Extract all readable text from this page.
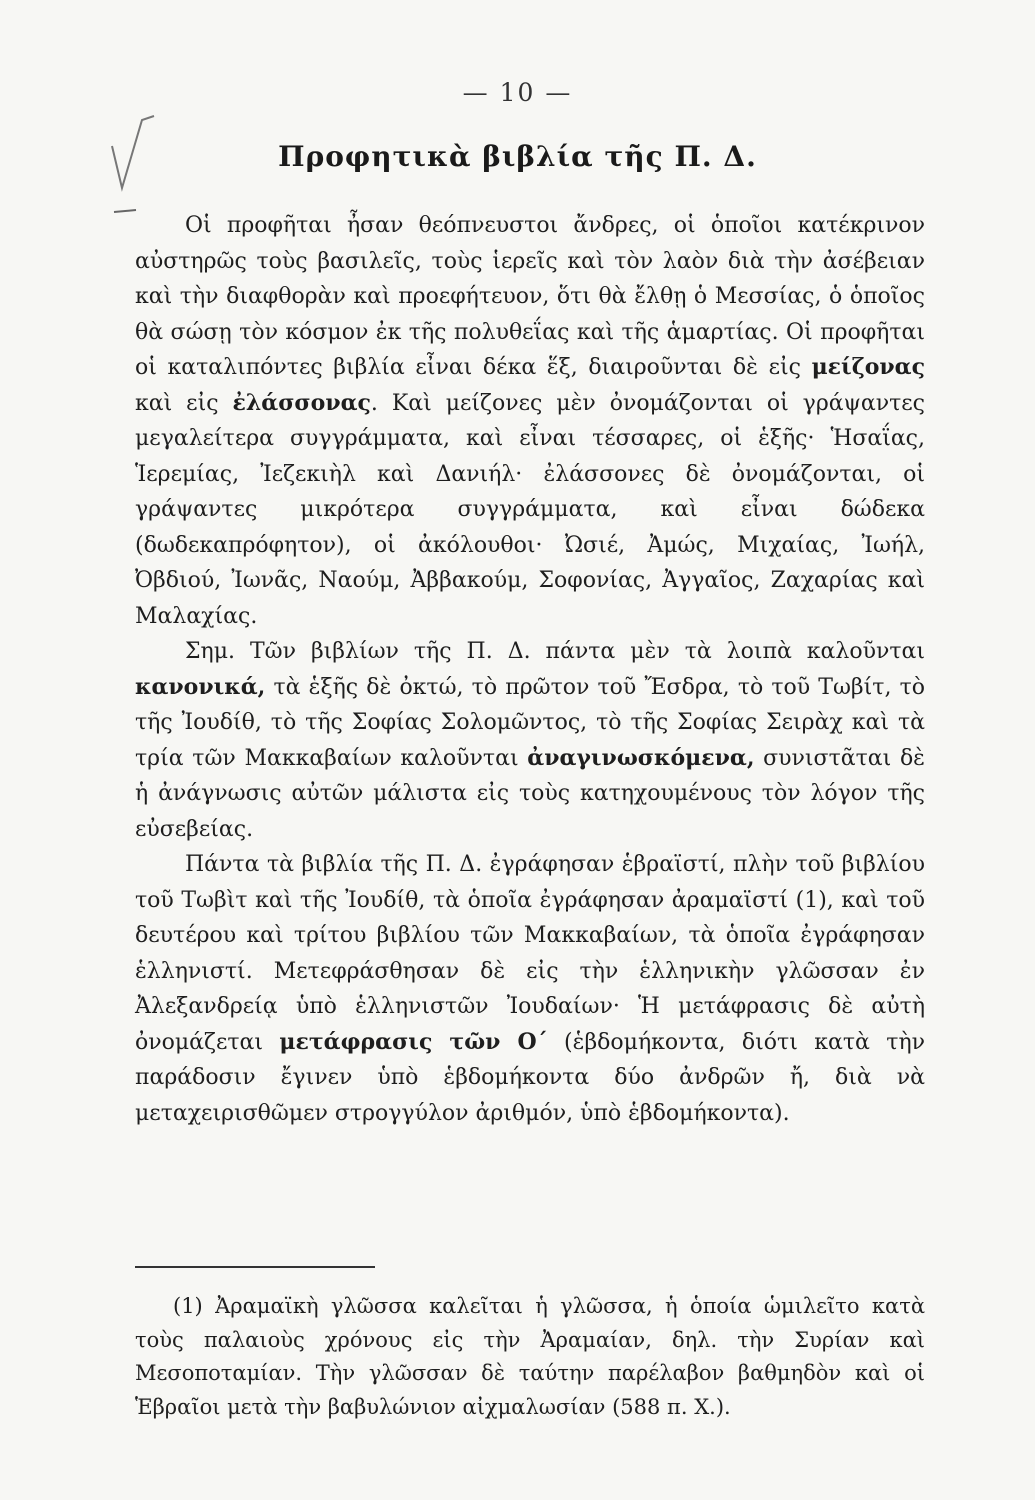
— 10 —
Προφητικὰ βιβλία τῆς Π. Δ.

Οἱ προφῆται ἦσαν θεόπνευστοι ἄνδρες, οἱ ὁποῖοι κατέκρινον αὐστηρῶς τοὺς βασιλεῖς, τοὺς ἱερεῖς καὶ τὸν λαὸν διὰ τὴν ἀσέβειαν καὶ τὴν διαφθορὰν καὶ προεφήτευον, ὅτι θὰ ἔλθῃ ὁ Μεσσίας, ὁ ὁποῖος θὰ σώσῃ τὸν κόσμον ἐκ τῆς πολυθεΐας καὶ τῆς ἁμαρτίας. Οἱ προφῆται οἱ καταλιπόντες βιβλία εἶναι δέκα ἕξ, διαιροῦνται δὲ εἰς μείζονας καὶ εἰς ἐλάσσονας. Καὶ μείζονες μὲν ὀνομάζονται οἱ γράψαντες μεγαλείτερα συγγράμματα, καὶ εἶναι τέσσαρες, οἱ ἑξῆς· Ἡσαΐας, Ἱερεμίας, Ἰεζεκιὴλ καὶ Δανιήλ· ἐλάσσονες δὲ ὀνομάζονται, οἱ γράψαντες μικρότερα συγγράμματα, καὶ εἶναι δώδεκα (δωδεκαπρόφητον), οἱ ἀκόλουθοι· Ὠσιέ, Ἀμώς, Μιχαίας, Ἰωήλ, Ὀβδιού, Ἰωνᾶς, Ναούμ, Ἀββακούμ, Σοφονίας, Ἀγγαῖος, Ζαχαρίας καὶ Μαλαχίας.

Σημ. Τῶν βιβλίων τῆς Π. Δ. πάντα μὲν τὰ λοιπὰ καλοῦνται κανονικά, τὰ ἑξῆς δὲ ὀκτώ, τὸ πρῶτον τοῦ Ἔσδρα, τὸ τοῦ Τωβίτ, τὸ τῆς Ἰουδίθ, τὸ τῆς Σοφίας Σολομῶντος, τὸ τῆς Σοφίας Σειρὰχ καὶ τὰ τρία τῶν Μακκαβαίων καλοῦνται ἀναγινωσκόμενα, συνιστᾶται δὲ ἡ ἀνάγνωσις αὐτῶν μάλιστα εἰς τοὺς κατηχουμένους τὸν λόγον τῆς εὐσεβείας.

Πάντα τὰ βιβλία τῆς Π. Δ. ἐγράφησαν ἑβραϊστί, πλὴν τοῦ βιβλίου τοῦ Τωβὶτ καὶ τῆς Ἰουδίθ, τὰ ὁποῖα ἐγράφησαν ἀραμαϊστί (1), καὶ τοῦ δευτέρου καὶ τρίτου βιβλίου τῶν Μακκαβαίων, τὰ ὁποῖα ἐγράφησαν ἑλληνιστί. Μετεφράσθησαν δὲ εἰς τὴν ἑλληνικὴν γλῶσσαν ἐν Ἀλεξανδρείᾳ ὑπὸ ἑλληνιστῶν Ἰουδαίων· Ἡ μετάφρασις δὲ αὐτὴ ὀνομάζεται μετάφρασις τῶν Ο΄ (ἑβδομήκοντα, διότι κατὰ τὴν παράδοσιν ἔγινεν ὑπὸ ἑβδομήκοντα δύο ἀνδρῶν ἤ, διὰ νὰ μεταχειρισθῶμεν στρογγύλον ἀριθμόν, ὑπὸ ἑβδομήκοντα).

(1) Ἀραμαϊκὴ γλῶσσα καλεῖται ἡ γλῶσσα, ἡ ὁποία ὡμιλεῖτο κατὰ τοὺς παλαιοὺς χρόνους εἰς τὴν Ἀραμαίαν, δηλ. τὴν Συρίαν καὶ Μεσοποταμίαν. Τὴν γλῶσσαν δὲ ταύτην παρέλαβον βαθμηδὸν καὶ οἱ Ἑβραῖοι μετὰ τὴν βαβυλώνιον αἰχμαλωσίαν (588 π. Χ.).
